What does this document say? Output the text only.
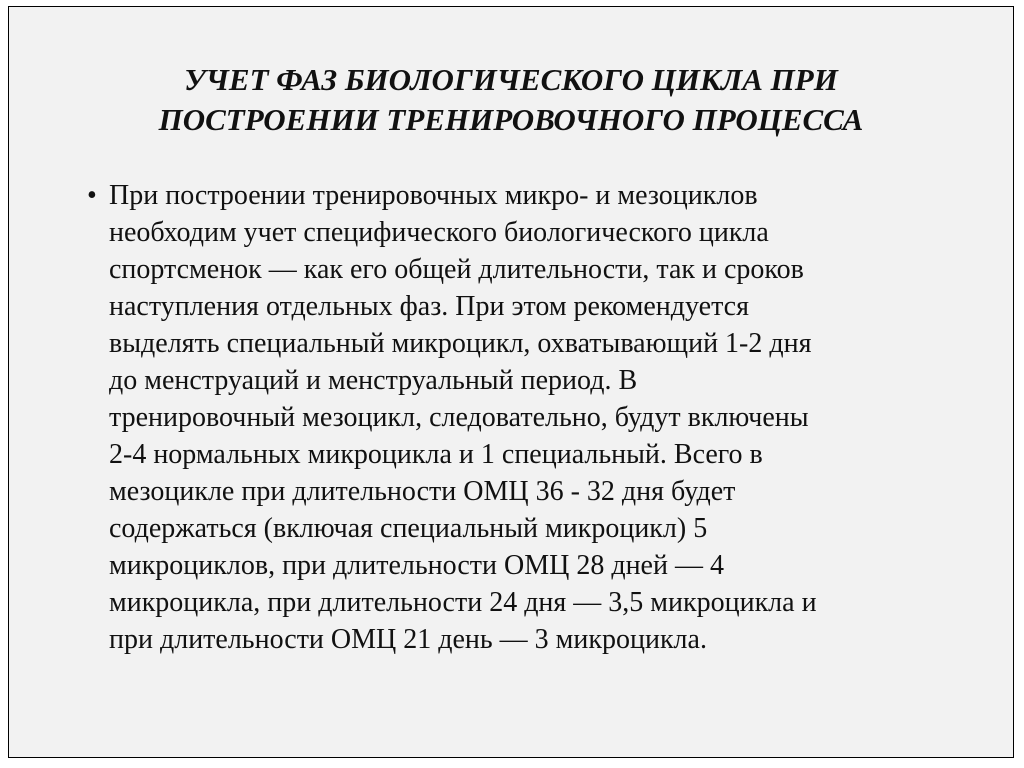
УЧЕТ ФАЗ БИОЛОГИЧЕСКОГО ЦИКЛА ПРИ
ПОСТРОЕНИИ ТРЕНИРОВОЧНОГО ПРОЦЕССА
• При построении тренировочных микро- и мезоциклов
необходим учет специфического биологического цикла
спортсменок — как его общей длительности, так и сроков
наступления отдельных фаз. При этом рекомендуется
выделять специальный микроцикл, охватывающий 1-2 дня
до менструаций и менструальный период. В
тренировочный мезоцикл, следовательно, будут включены
2-4 нормальных микроцикла и 1 специальный. Всего в
мезоцикле при длительности ОМЦ 36 - 32 дня будет
содержаться (включая специальный микроцикл) 5
микроциклов, при длительности ОМЦ 28 дней — 4
микроцикла, при длительности 24 дня — 3,5 микроцикла и
при длительности ОМЦ 21 день — 3 микроцикла.
